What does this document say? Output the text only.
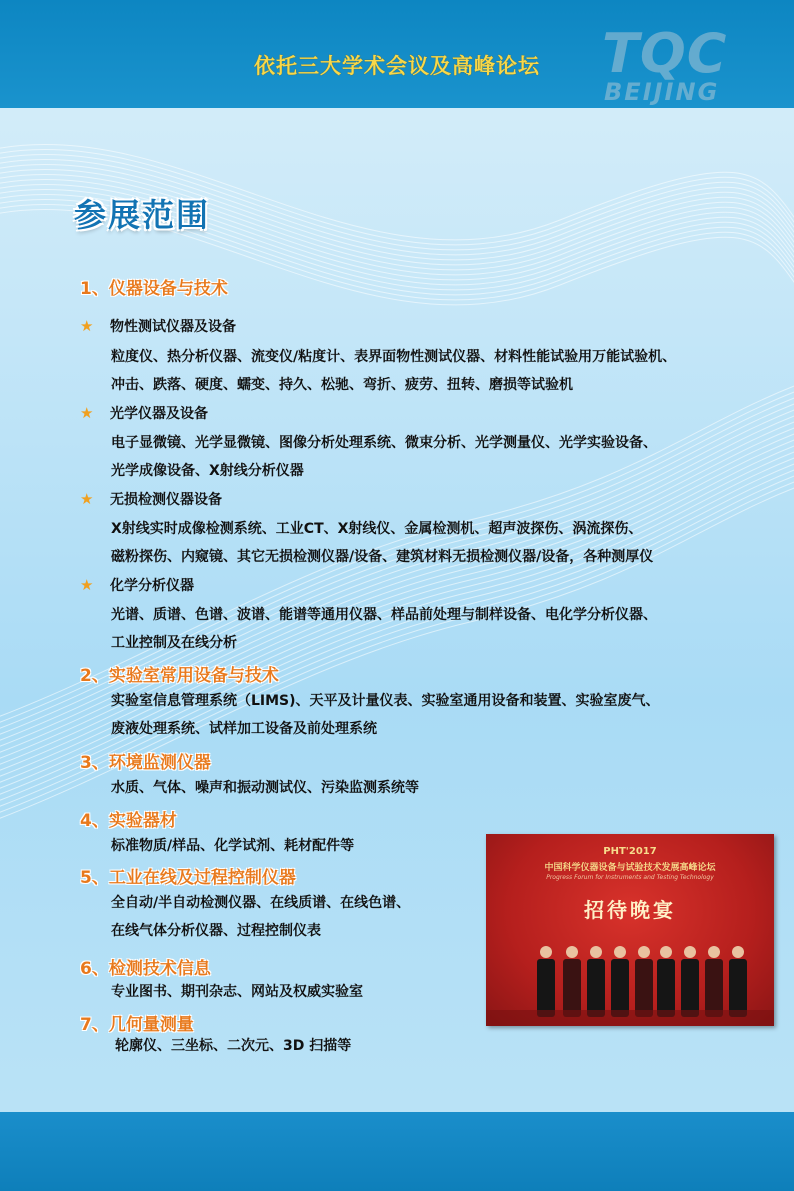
依托三大学术会议及高峰论坛	TQC
BEIJING
参展范围
1、仪器设备与技术
★ 物性测试仪器及设备
粒度仪、热分析仪器、流变仪/粘度计、表界面物性测试仪器、材料性能试验用万能试验机、
冲击、跌落、硬度、蠕变、持久、松驰、弯折、疲劳、扭转、磨损等试验机
★ 光学仪器及设备
电子显微镜、光学显微镜、图像分析处理系统、微束分析、光学测量仪、光学实验设备、
光学成像设备、X射线分析仪器
★ 无损检测仪器设备
X射线实时成像检测系统、工业CT、X射线仪、金属检测机、超声波探伤、涡流探伤、
磁粉探伤、内窥镜、其它无损检测仪器/设备、建筑材料无损检测仪器/设备，各种测厚仪
★ 化学分析仪器
光谱、质谱、色谱、波谱、能谱等通用仪器、样品前处理与制样设备、电化学分析仪器、
工业控制及在线分析
2、实验室常用设备与技术
实验室信息管理系统（LIMS)、天平及计量仪表、实验室通用设备和装置、实验室废气、
废液处理系统、试样加工设备及前处理系统
3、环境监测仪器
水质、气体、噪声和振动测试仪、污染监测系统等
4、实验器材
标准物质/样品、化学试剂、耗材配件等
5、工业在线及过程控制仪器
全自动/半自动检测仪器、在线质谱、在线色谱、
在线气体分析仪器、过程控制仪表
6、检测技术信息
专业图书、期刊杂志、网站及权威实验室
7、几何量测量
轮廓仪、三坐标、二次元、3D 扫描等
PHT'2017
中国科学仪器设备与试验技术发展高峰论坛
Progress Forum for Instruments and Testing Technology
招待晚宴
